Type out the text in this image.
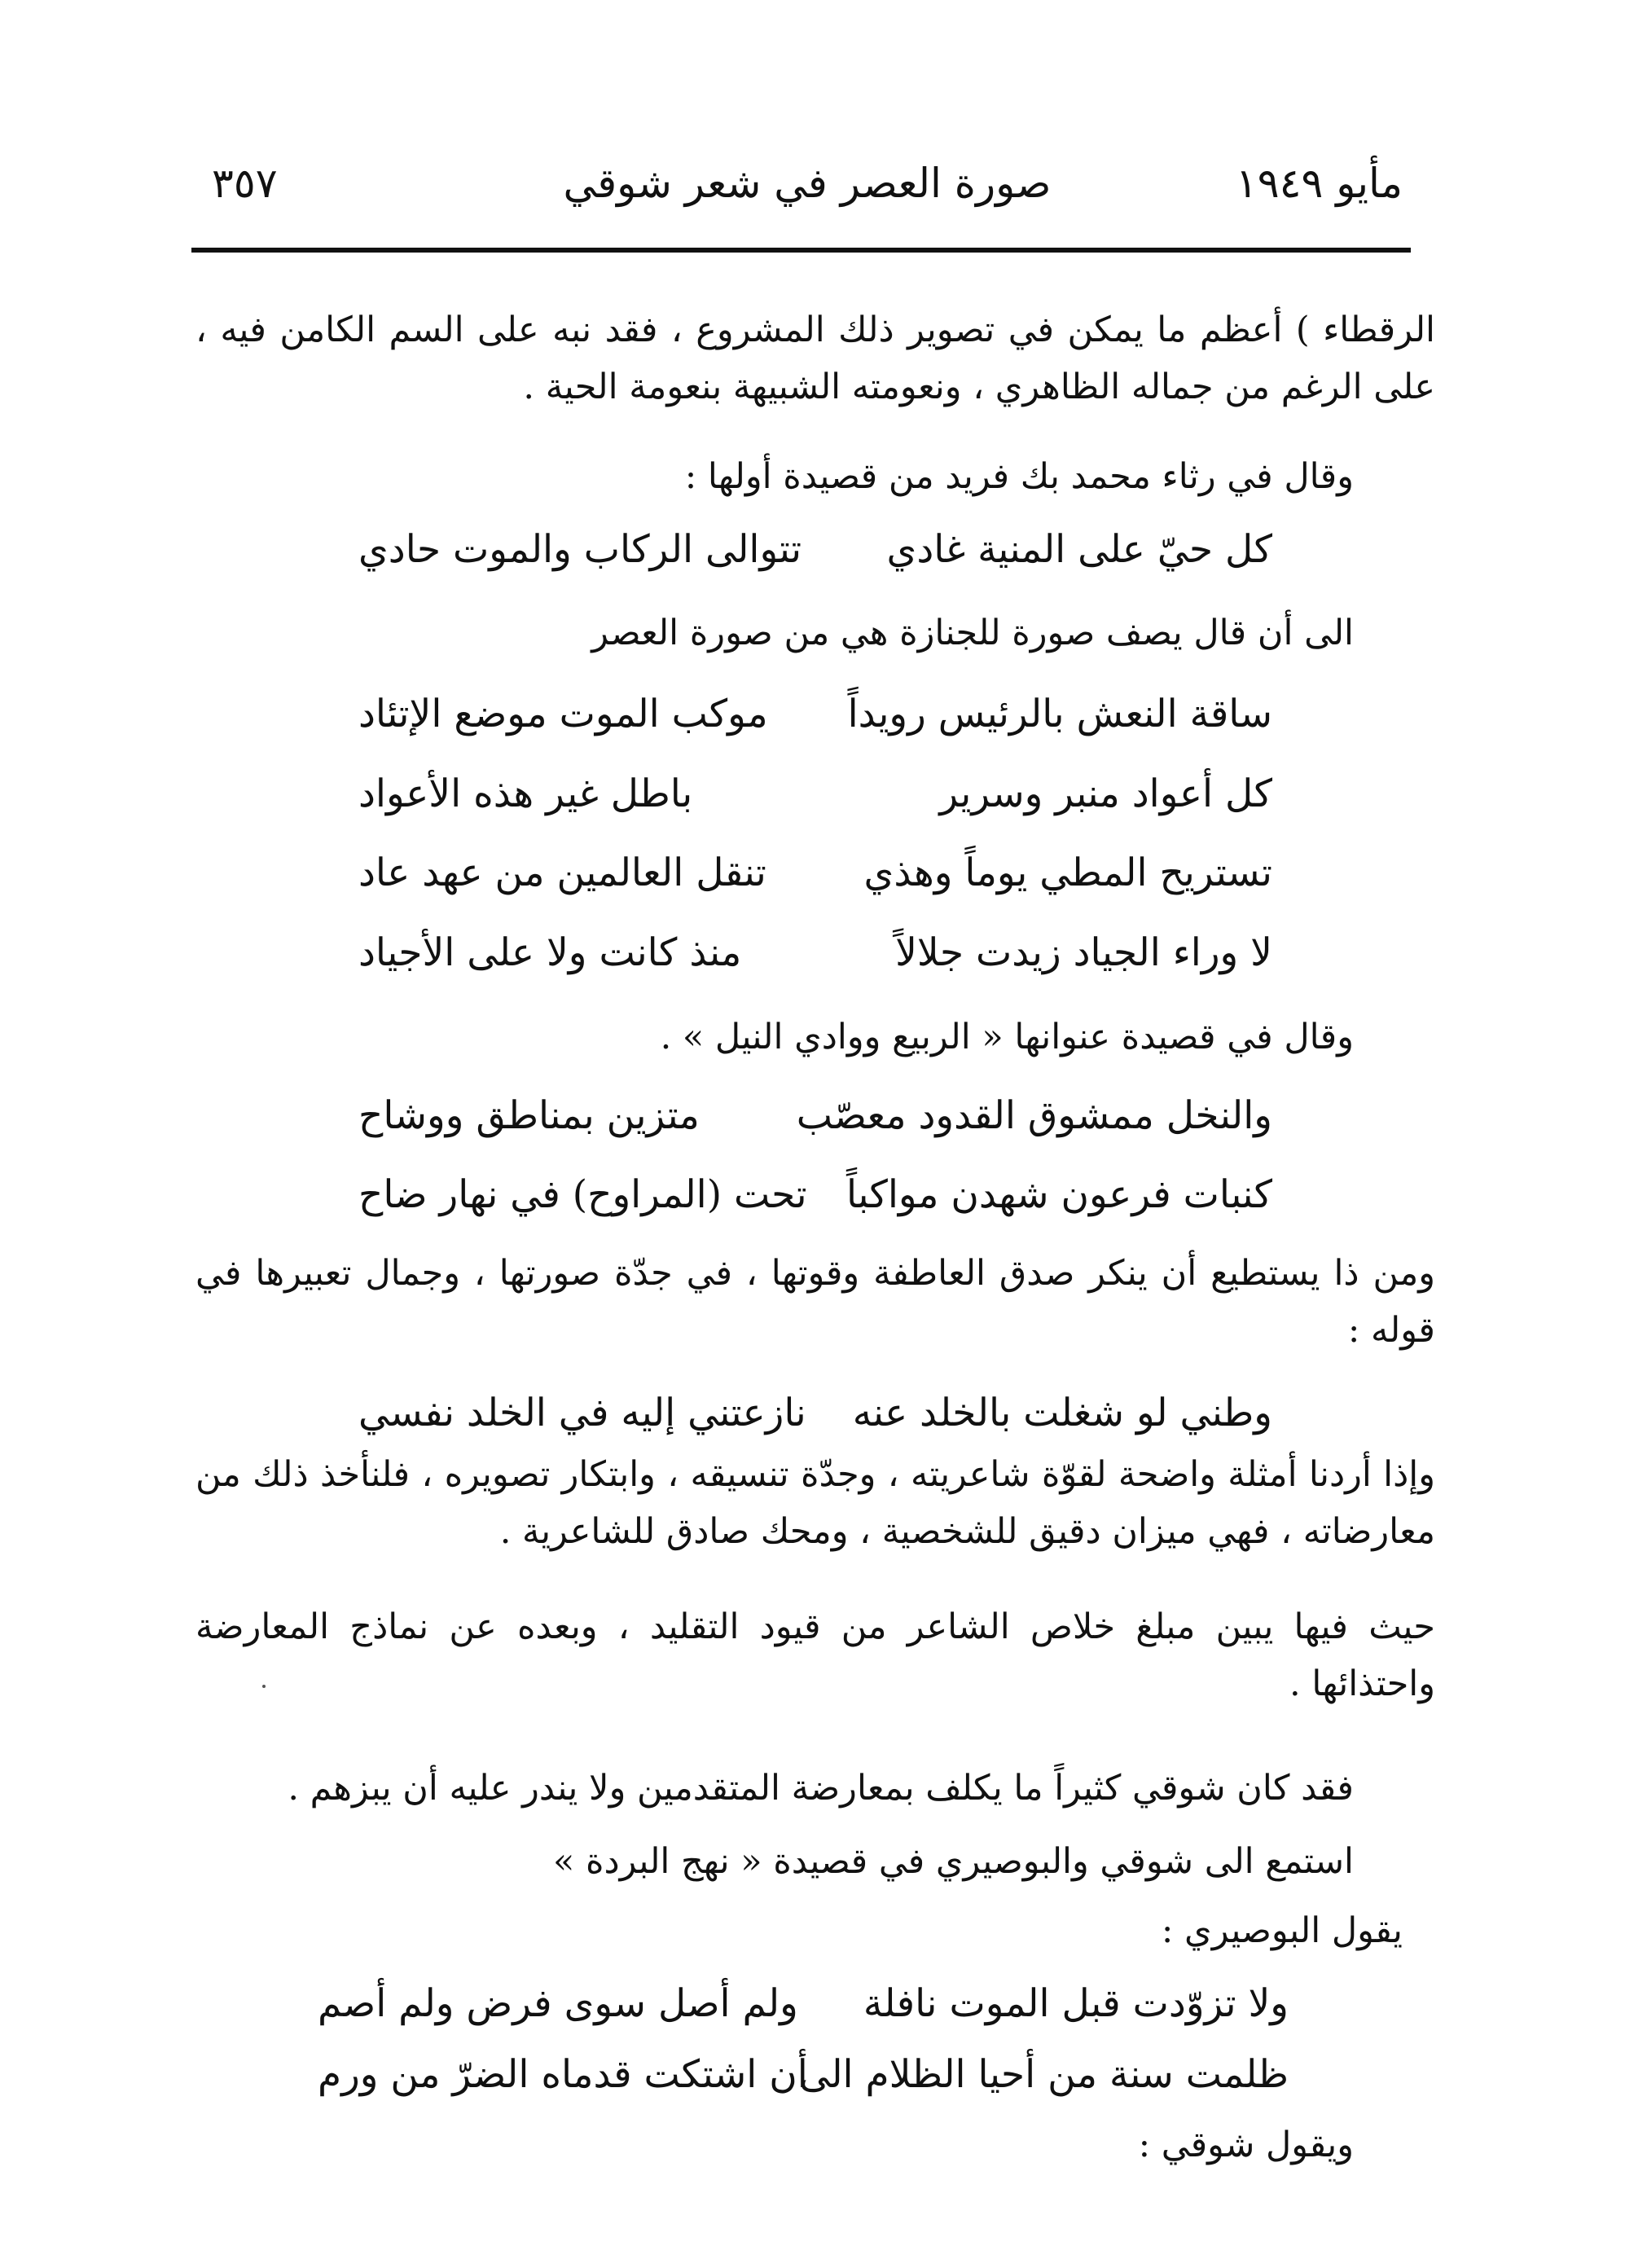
مأيو ١٩٤٩
صورة العصر في شعر شوقي
٣٥٧
الرقطاء ) أعظم ما يمكن في تصوير ذلك المشروع ، فقد نبه على السم الكامن فيه ، على الرغم من جماله الظاهري ، ونعومته الشبيهة بنعومة الحية .
وقال في رثاء محمد بك فريد من قصيدة أولها :
كل حيّ على المنية غادي
تتوالى الركاب والموت حادي
الى أن قال يصف صورة للجنازة هي من صورة العصر
ساقة النعش بالرئيس رويداً
موكب الموت موضع الإتئاد
كل أعواد منبر وسرير
باطل غير هذه الأعواد
تستريح المطي يوماً وهذي
تنقل العالمين من عهد عاد
لا وراء الجياد زيدت جلالاً
منذ كانت ولا على الأجياد
وقال في قصيدة عنوانها « الربيع ووادي النيل » .
والنخل ممشوق القدود معصّب
متزين بمناطق ووشاح
كنبات فرعون شهدن مواكباً
تحت (المراوح) في نهار ضاح
ومن ذا يستطيع أن ينكر صدق العاطفة وقوتها ، في جدّة صورتها ، وجمال تعبيرها في قوله :
وطني لو شغلت بالخلد عنه
نازعتني إليه في الخلد نفسي
وإذا أردنا أمثلة واضحة لقوّة شاعريته ، وجدّة تنسيقه ، وابتكار تصويره ، فلنأخذ ذلك من معارضاته ، فهي ميزان دقيق للشخصية ، ومحك صادق للشاعرية .
حيث فيها يبين مبلغ خلاص الشاعر من قيود التقليد ، وبعده عن نماذج المعارضة واحتذائها .
فقد كان شوقي كثيراً ما يكلف بمعارضة المتقدمين ولا يندر عليه أن يبزهم .
استمع الى شوقي والبوصيري في قصيدة « نهج البردة »
يقول البوصيري :
ولا تزوّدت قبل الموت نافلة
ولم أصل سوى فرض ولم أصم
ظلمت سنة من أحيا الظلام الى
أن اشتكت قدماه الضرّ من ورم
ويقول شوقي :
